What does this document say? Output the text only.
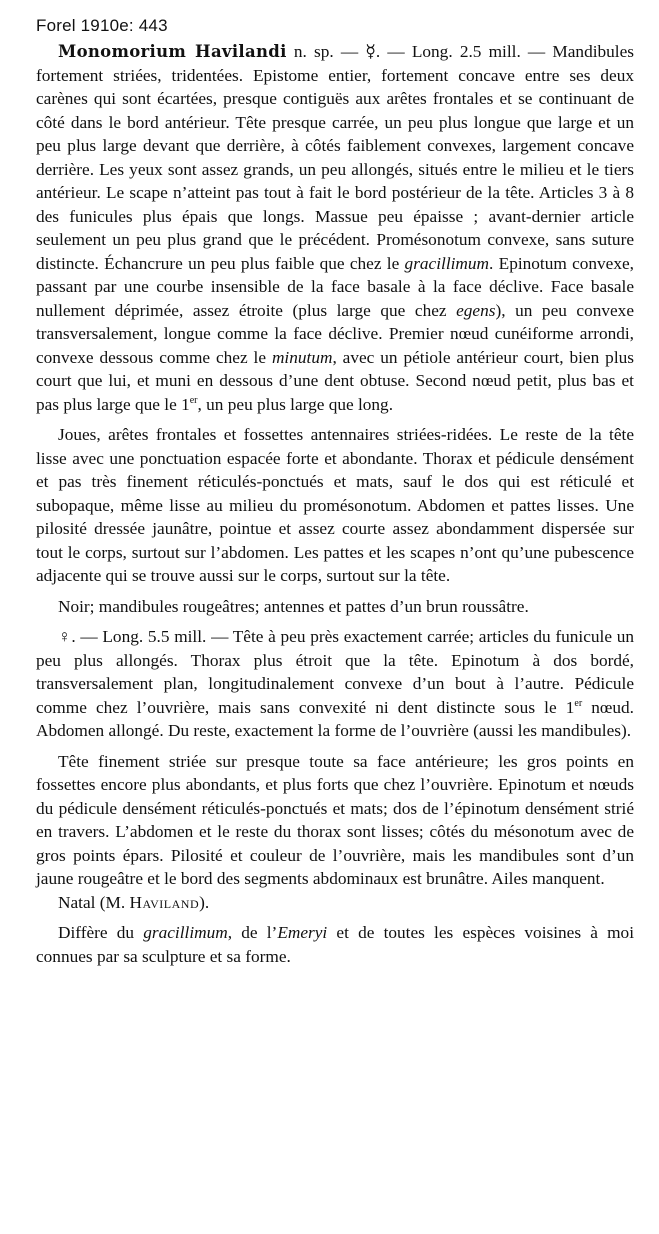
Forel 1910e: 443

Monomorium Havilandi n. sp. — ☿. — Long. 2.5 mill. — Mandibules fortement striées, tridentées. Epistome entier, fortement concave entre ses deux carènes qui sont écartées, presque contiguës aux arêtes frontales et se continuant de côté dans le bord antérieur. Tête presque carrée, un peu plus longue que large et un peu plus large devant que derrière, à côtés faiblement convexes, largement concave derrière. Les yeux sont assez grands, un peu allongés, situés entre le milieu et le tiers antérieur. Le scape n’atteint pas tout à fait le bord postérieur de la tête. Articles 3 à 8 des funicules plus épais que longs. Massue peu épaisse ; avant-dernier article seulement un peu plus grand que le précédent. Promésonotum convexe, sans suture distincte. Échancrure un peu plus faible que chez le gracillimum. Epinotum convexe, passant par une courbe insensible de la face basale à la face déclive. Face basale nullement déprimée, assez étroite (plus large que chez egens), un peu convexe transversalement, longue comme la face déclive. Premier nœud cunéiforme arrondi, convexe dessous comme chez le minutum, avec un pétiole antérieur court, bien plus court que lui, et muni en dessous d’une dent obtuse. Second nœud petit, plus bas et pas plus large que le 1er, un peu plus large que long.

Joues, arêtes frontales et fossettes antennaires striées-ridées. Le reste de la tête lisse avec une ponctuation espacée forte et abondante. Thorax et pédicule densément et pas très finement réticulés-ponctués et mats, sauf le dos qui est réticulé et subopaque, même lisse au milieu du promésonotum. Abdomen et pattes lisses. Une pilosité dressée jaunâtre, pointue et assez courte assez abondamment dispersée sur tout le corps, surtout sur l’abdomen. Les pattes et les scapes n’ont qu’une pubescence adjacente qui se trouve aussi sur le corps, surtout sur la tête.

Noir; mandibules rougeâtres; antennes et pattes d’un brun roussâtre.

♀. — Long. 5.5 mill. — Tête à peu près exactement carrée; articles du funicule un peu plus allongés. Thorax plus étroit que la tête. Epinotum à dos bordé, transversalement plan, longitudinalement convexe d’un bout à l’autre. Pédicule comme chez l’ouvrière, mais sans convexité ni dent distincte sous le 1er nœud. Abdomen allongé. Du reste, exactement la forme de l’ouvrière (aussi les mandibules).

Tête finement striée sur presque toute sa face antérieure; les gros points en fossettes encore plus abondants, et plus forts que chez l’ouvrière. Epinotum et nœuds du pédicule densément réticulés-ponctués et mats; dos de l’épinotum densément strié en travers. L’abdomen et le reste du thorax sont lisses; côtés du mésonotum avec de gros points épars. Pilosité et couleur de l’ouvrière, mais les mandibules sont d’un jaune rougeâtre et le bord des segments abdominaux est brunâtre. Ailes manquent.

Natal (M. Haviland).

Diffère du gracillimum, de l’Emeryi et de toutes les espèces voisines à moi connues par sa sculpture et sa forme.
